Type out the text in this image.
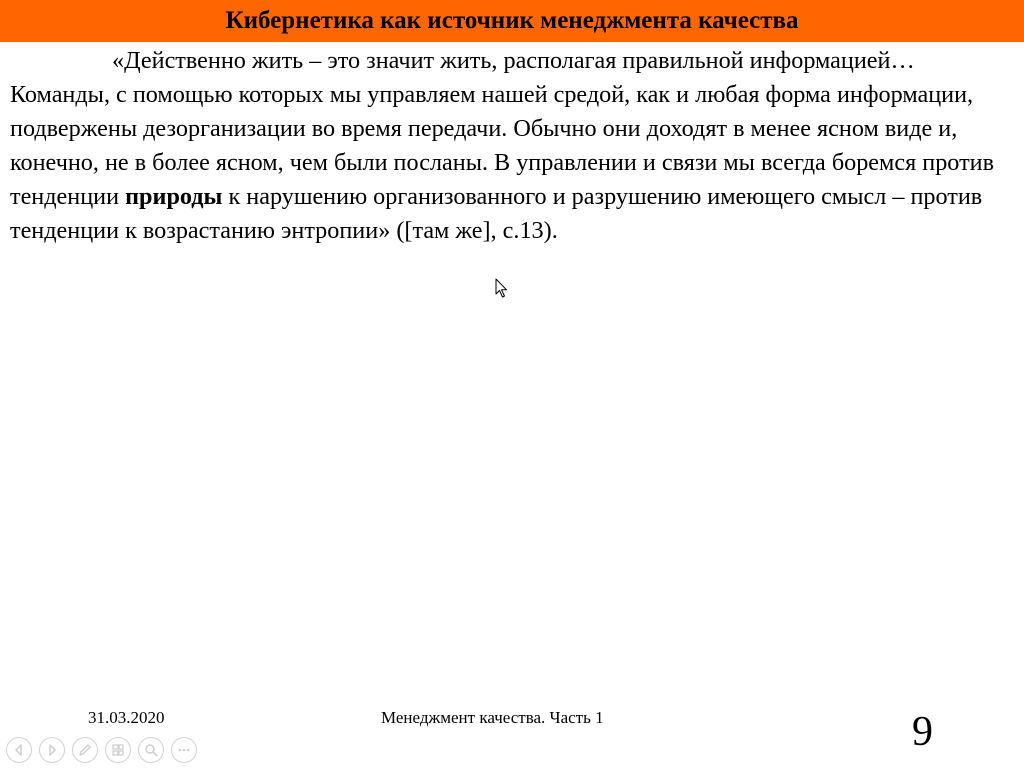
Кибернетика как источник менеджмента качества

«Действенно жить – это значит жить, располагая правильной информацией… Команды, с помощью которых мы управляем нашей средой, как и любая форма информации, подвержены дезорганизации во время передачи. Обычно они доходят в менее ясном виде и, конечно, не в более ясном, чем были посланы. В управлении и связи мы всегда боремся против тенденции природы к нарушению организованного и разрушению имеющего смысл – против тенденции к возрастанию энтропии» ([там же], с.13).

31.03.2020	Менеджмент качества. Часть 1	9
